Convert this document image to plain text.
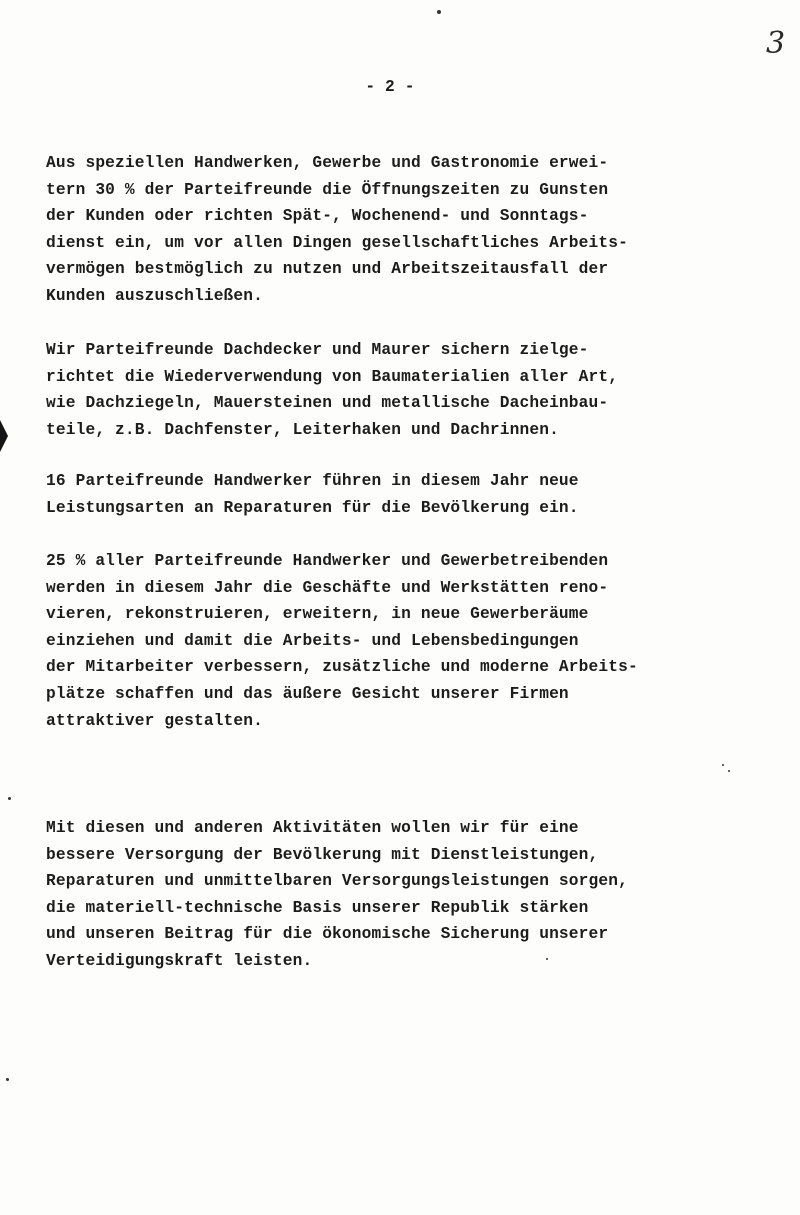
3
- 2 -
Aus speziellen Handwerken, Gewerbe und Gastronomie erwei-
tern 30 % der Parteifreunde die Öffnungszeiten zu Gunsten
der Kunden oder richten Spät-, Wochenend- und Sonntags-
dienst ein, um vor allen Dingen gesellschaftliches Arbeits-
vermögen bestmöglich zu nutzen und Arbeitszeitausfall der
Kunden auszuschließen.
Wir Parteifreunde Dachdecker und Maurer sichern zielge-
richtet die Wiederverwendung von Baumaterialien aller Art,
wie Dachziegeln, Mauersteinen und metallische Dacheinbau-
teile, z.B. Dachfenster, Leiterhaken und Dachrinnen.
16 Parteifreunde Handwerker führen in diesem Jahr neue
Leistungsarten an Reparaturen für die Bevölkerung ein.
25 % aller Parteifreunde Handwerker und Gewerbetreibenden
werden in diesem Jahr die Geschäfte und Werkstätten reno-
vieren, rekonstruieren, erweitern, in neue Gewerberäume
einziehen und damit die Arbeits- und Lebensbedingungen
der Mitarbeiter verbessern, zusätzliche und moderne Arbeits-
plätze schaffen und das äußere Gesicht unserer Firmen
attraktiver gestalten.
Mit diesen und anderen Aktivitäten wollen wir für eine
bessere Versorgung der Bevölkerung mit Dienstleistungen,
Reparaturen und unmittelbaren Versorgungsleistungen sorgen,
die materiell-technische Basis unserer Republik stärken
und unseren Beitrag für die ökonomische Sicherung unserer
Verteidigungskraft leisten.
